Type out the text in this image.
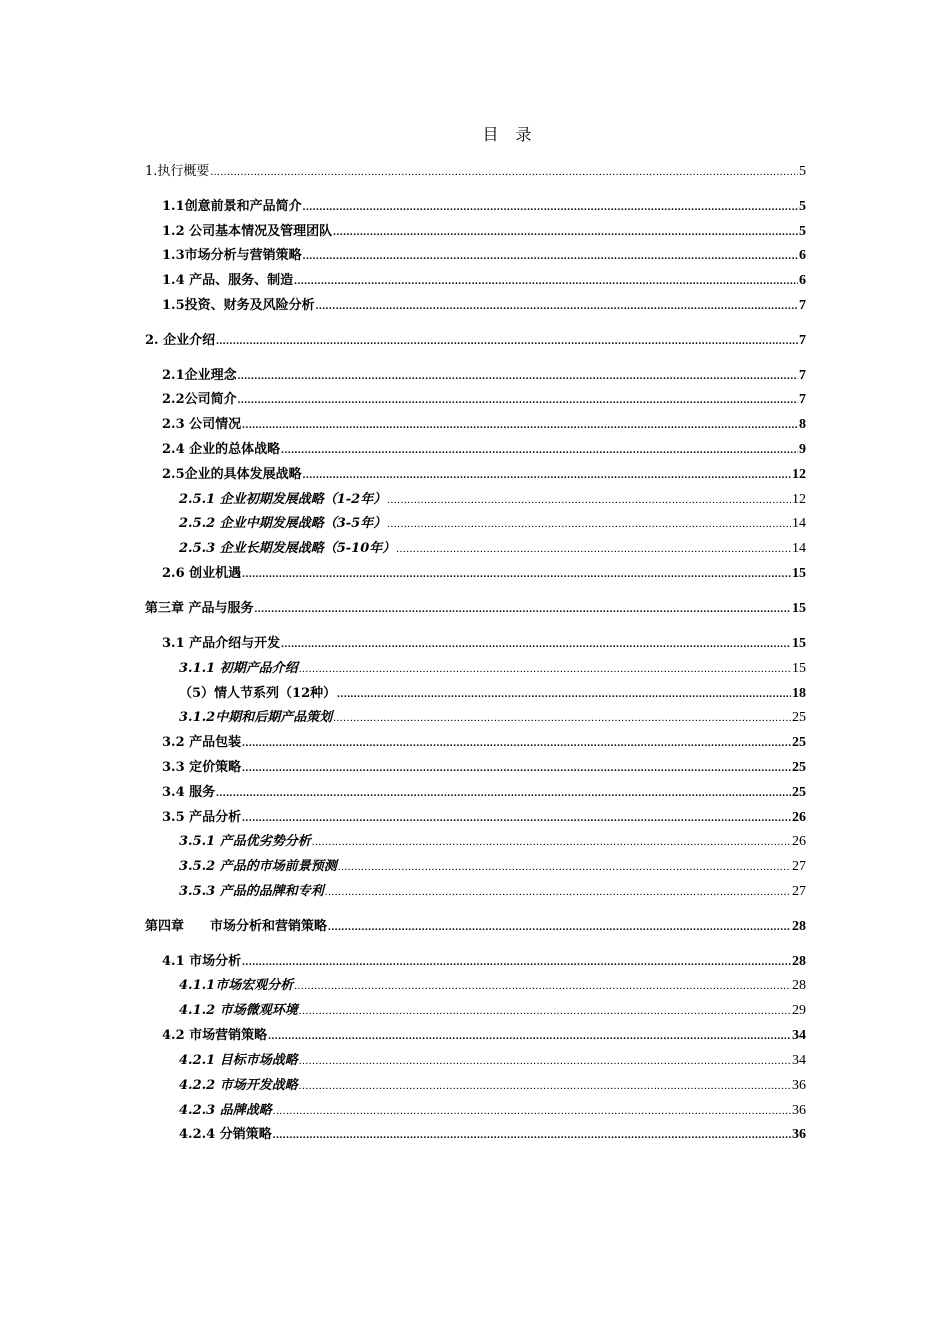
目 录
1.执行概要 .....	5
1.1创意前景和产品简介 .....	5
1.2 公司基本情况及管理团队 .....	5
1.3市场分析与营销策略 .....	6
1.4 产品、服务、制造 .....	6
1.5投资、财务及风险分析 .....	7
2. 企业介绍 .....	7
2.1企业理念 .....	7
2.2公司简介 .....	7
2.3 公司情况 .....	8
2.4 企业的总体战略 .....	9
2.5企业的具体发展战略 .....	12
2.5.1 企业初期发展战略（1-2年） .....	12
2.5.2 企业中期发展战略（3-5年） .....	14
2.5.3 企业长期发展战略（5-10年） .....	14
2.6 创业机遇 .....	15
第三章 产品与服务 .....	15
3.1 产品介绍与开发 .....	15
3.1.1 初期产品介绍 .....	15
（5）情人节系列（12种） .....	18
3.1.2中期和后期产品策划 .....	25
3.2 产品包装 .....	25
3.3 定价策略 .....	25
3.4 服务 .....	25
3.5 产品分析 .....	26
3.5.1 产品优劣势分析 .....	26
3.5.2 产品的市场前景预测 .....	27
3.5.3 产品的品牌和专利 .....	27
第四章　　市场分析和营销策略 .....	28
4.1 市场分析 .....	28
4.1.1市场宏观分析 .....	28
4.1.2 市场微观环境 .....	29
4.2 市场营销策略 .....	34
4.2.1 目标市场战略 .....	34
4.2.2 市场开发战略 .....	36
4.2.3 品牌战略 .....	36
4.2.4 分销策略 .....	36
